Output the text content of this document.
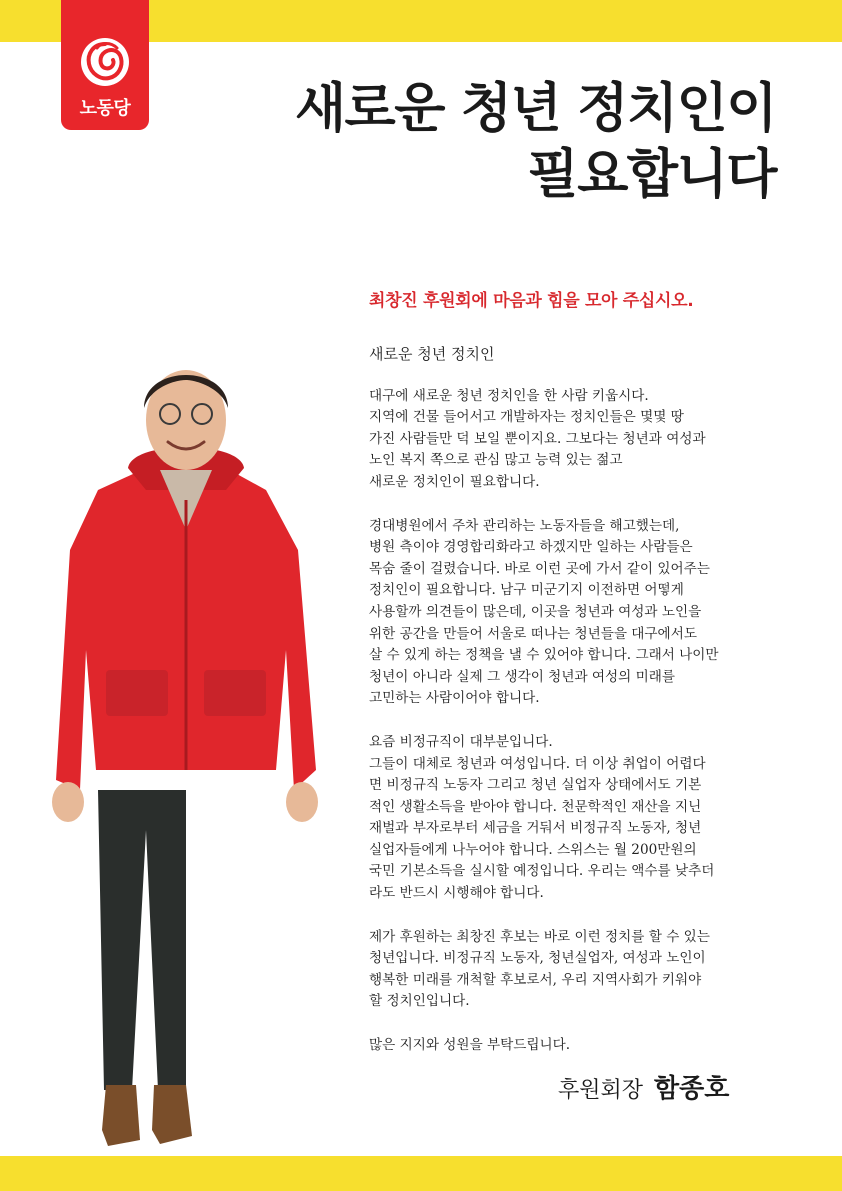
노동당	새로운 청년 정치인이
필요합니다
최창진 후원회에 마음과 힘을 모아 주십시오.

새로운 청년 정치인

대구에 새로운 청년 정치인을 한 사람 키웁시다.

지역에 건물 들어서고 개발하자는 정치인들은 몇몇 땅

가진 사람들만 덕 보일 뿐이지요. 그보다는 청년과 여성과

노인 복지 쪽으로 관심 많고 능력 있는 젊고

새로운 정치인이 필요합니다.

경대병원에서 주차 관리하는 노동자들을 해고했는데,

병원 측이야 경영합리화라고 하겠지만 일하는 사람들은

목숨 줄이 걸렸습니다. 바로 이런 곳에 가서 같이 있어주는

정치인이 필요합니다. 남구 미군기지 이전하면 어떻게

사용할까 의견들이 많은데, 이곳을 청년과 여성과 노인을

위한 공간을 만들어 서울로 떠나는 청년들을 대구에서도

살 수 있게 하는 정책을 낼 수 있어야 합니다. 그래서 나이만

청년이 아니라 실제 그 생각이 청년과 여성의 미래를

고민하는 사람이어야 합니다.

요즘 비정규직이 대부분입니다.

그들이 대체로 청년과 여성입니다. 더 이상 취업이 어렵다

면 비정규직 노동자 그리고 청년 실업자 상태에서도 기본

적인 생활소득을 받아야 합니다. 천문학적인 재산을 지닌

재벌과 부자로부터 세금을 거둬서 비정규직 노동자, 청년

실업자들에게 나누어야 합니다. 스위스는 월 200만원의

국민 기본소득을 실시할 예정입니다. 우리는 액수를 낮추더

라도 반드시 시행해야 합니다.

제가 후원하는 최창진 후보는 바로 이런 정치를 할 수 있는

청년입니다. 비정규직 노동자, 청년실업자, 여성과 노인이

행복한 미래를 개척할 후보로서, 우리 지역사회가 키워야

할 정치인입니다.

많은 지지와 성원을 부탁드립니다.

후원회장 함종호
